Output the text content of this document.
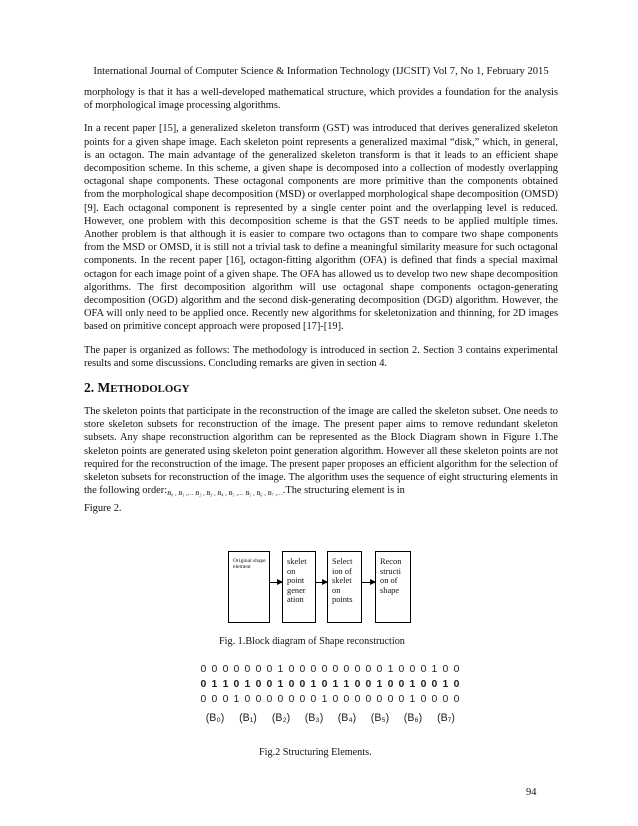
International Journal of Computer Science & Information Technology (IJCSIT) Vol 7, No 1, February 2015

morphology is that it has a well-developed mathematical structure, which provides a foundation for the analysis of morphological image processing algorithms.

In a recent paper [15], a generalized skeleton transform (GST) was introduced that derives generalized skeleton points for a given shape image. Each skeleton point represents a generalized maximal “disk,” which, in general, is an octagon. The main advantage of the generalized skeleton transform is that it leads to an efficient shape decomposition scheme. In this scheme, a given shape is decomposed into a collection of modestly overlapping octagonal shape components. These octagonal components are more primitive than the components obtained from the morphological shape decomposition (MSD) or overlapped morphological shape decomposition (OMSD) [9]. Each octagonal component is represented by a single center point and the overlapping level is reduced. However, one problem with this decomposition scheme is that the GST needs to be applied multiple times. Another problem is that although it is easier to compare two octagons than to compare two shape components from the MSD or OMSD, it is still not a trivial task to define a meaningful similarity measure for such octagonal components. In the recent paper [16], octagon-fitting algorithm (OFA) is defined that finds a special maximal octagon for each image point of a given shape. The OFA has allowed us to develop two new shape decomposition algorithms. The first decomposition algorithm will use octagonal shape components octagon-generating decomposition (OGD) algorithm and the second disk-generating decomposition (DGD) algorithm. However, the OFA will only need to be applied once. Recently new algorithms for skeletonization and thinning, for 2D images based on primitive concept approach were proposed [17]-[19].

The paper is organized as follows: The methodology is introduced in section 2. Section 3 contains experimental results and some discussions. Concluding remarks are given in section 4.

2. METHODOLOGY

The skeleton points that participate in the reconstruction of the image are called the skeleton subset. One needs to store skeleton subsets for reconstruction of the image. The present paper aims to remove redundant skeleton subsets. Any shape reconstruction algorithm can be represented as the Block Diagram shown in Figure 1.The skeleton points are generated using skeleton point generation algorithm. However all these skeleton points are not required for the reconstruction of the image. The present paper proposes an efficient algorithm for the selection of skeleton subsets for reconstruction of the image. The algorithm uses the sequence of eight structuring elements in the following order:B₀ , B₁ ,… B₂ , B₃ , B₄ , B₅ ,… B₅ , B₆ , B₇ ,….The structuring element is in

Figure 2.

Original shape element
skelet on point gener ation
Select ion of skelet on points
Recon structi on of shape
Fig. 1.Block diagram of Shape reconstruction
0 0 0
0 1 1
0 0 0
(B₀)
0 0 0
0 1 0
1 0 0
(B₁)
0 1 0
0 1 0
0 0 0
(B₂)
0 0 0
0 1 0
0 0 1
(B₃)
0 0 0
1 1 0
0 0 0
(B₄)
0 0 1
0 1 0
0 0 0
(B₅)
0 0 0
0 1 0
0 1 0
(B₆)
1 0 0
0 1 0
0 0 0
(B₇)
Fig.2 Structuring Elements.
94
